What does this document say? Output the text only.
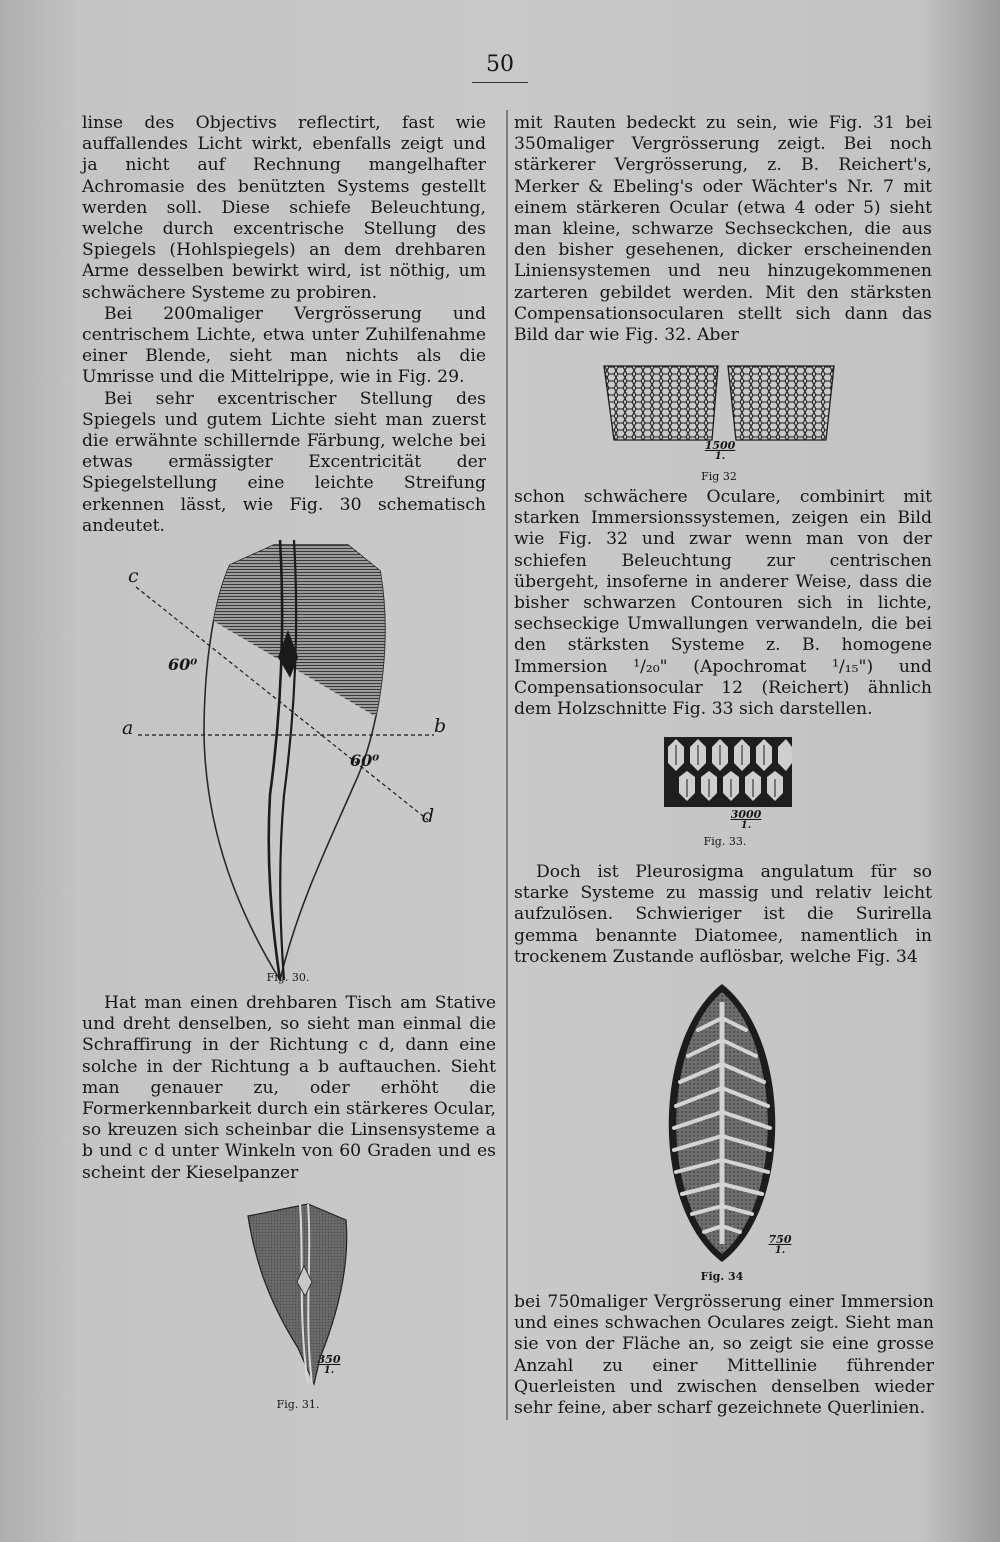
50

linse des Objectivs reflectirt, fast wie auffallendes Licht wirkt, ebenfalls zeigt und ja nicht auf Rechnung mangelhafter Achromasie des benützten Systems gestellt werden soll. Diese schiefe Beleuchtung, welche durch excentrische Stellung des Spiegels (Hohlspiegels) an dem drehbaren Arme desselben bewirkt wird, ist nöthig, um schwächere Systeme zu probiren.

Bei 200maliger Vergrösserung und centrischem Lichte, etwa unter Zuhilfenahme einer Blende, sieht man nichts als die Umrisse und die Mittelrippe, wie in Fig. 29.

Bei sehr excentrischer Stellung des Spiegels und gutem Lichte sieht man zuerst die erwähnte schillernde Färbung, welche bei etwas ermässigter Excentricität der Spiegelstellung eine leichte Streifung erkennen lässt, wie Fig. 30 schematisch andeutet.

c
a	b
d
60⁰
60⁰
Fig. 30.

Hat man einen drehbaren Tisch am Stative und dreht denselben, so sieht man einmal die Schraffirung in der Richtung c d, dann eine solche in der Richtung a b auftauchen. Sieht man genauer zu, oder erhöht die Formerkennbarkeit durch ein stärkeres Ocular, so kreuzen sich scheinbar die Linsensysteme a b und c d unter Winkeln von 60 Graden und es scheint der Kieselpanzer

$\frac{350}{1.}$
Fig. 31.

mit Rauten bedeckt zu sein, wie Fig. 31 bei 350maliger Vergrösserung zeigt. Bei noch stärkerer Vergrösserung, z. B. Reichert's, Merker & Ebeling's oder Wächter's Nr. 7 mit einem stärkeren Ocular (etwa 4 oder 5) sieht man kleine, schwarze Sechseckchen, die aus den bisher gesehenen, dicker erscheinenden Liniensystemen und neu hinzugekommenen zarteren gebildet werden. Mit den stärksten Compensationsocularen stellt sich dann das Bild dar wie Fig. 32. Aber

$\frac{1500}{1.}$
Fig 32

schon schwächere Oculare, combinirt mit starken Immersionssystemen, zeigen ein Bild wie Fig. 32 und zwar wenn man von der schiefen Beleuchtung zur centrischen übergeht, insoferne in anderer Weise, dass die bisher schwarzen Contouren sich in lichte, sechseckige Umwallungen verwandeln, die bei den stärksten Systeme z. B. homogene Immersion ¹/₂₀" (Apochromat ¹/₁₅") und Compensationsocular 12 (Reichert) ähnlich dem Holzschnitte Fig. 33 sich darstellen.

$\frac{3000}{1.}$
Fig. 33.

Doch ist Pleurosigma angulatum für so starke Systeme zu massig und relativ leicht aufzulösen. Schwieriger ist die Surirella gemma benannte Diatomee, namentlich in trockenem Zustande auflösbar, welche Fig. 34

$\frac{750}{1.}$
Fig. 34

bei 750maliger Vergrösserung einer Immersion und eines schwachen Oculares zeigt. Sieht man sie von der Fläche an, so zeigt sie eine grosse Anzahl zu einer Mittellinie führender Querleisten und zwischen denselben wieder sehr feine, aber scharf gezeichnete Querlinien.
